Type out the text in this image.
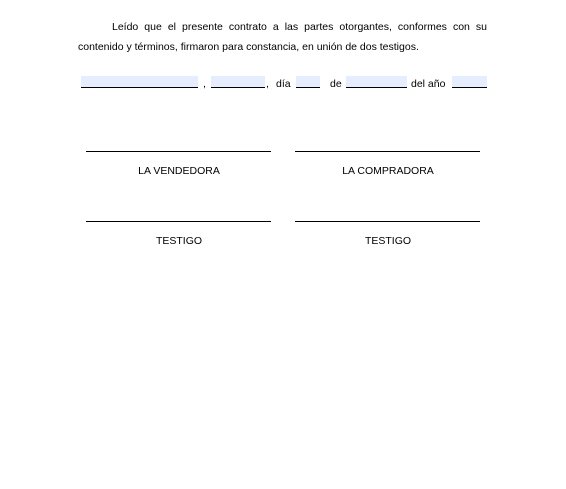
Leído que el presente contrato a las partes otorgantes, conformes con su contenido y términos, firmaron para constancia, en unión de dos testigos.
,	, día	de	del año
LA VENDEDORA	LA COMPRADORA
TESTIGO	TESTIGO
